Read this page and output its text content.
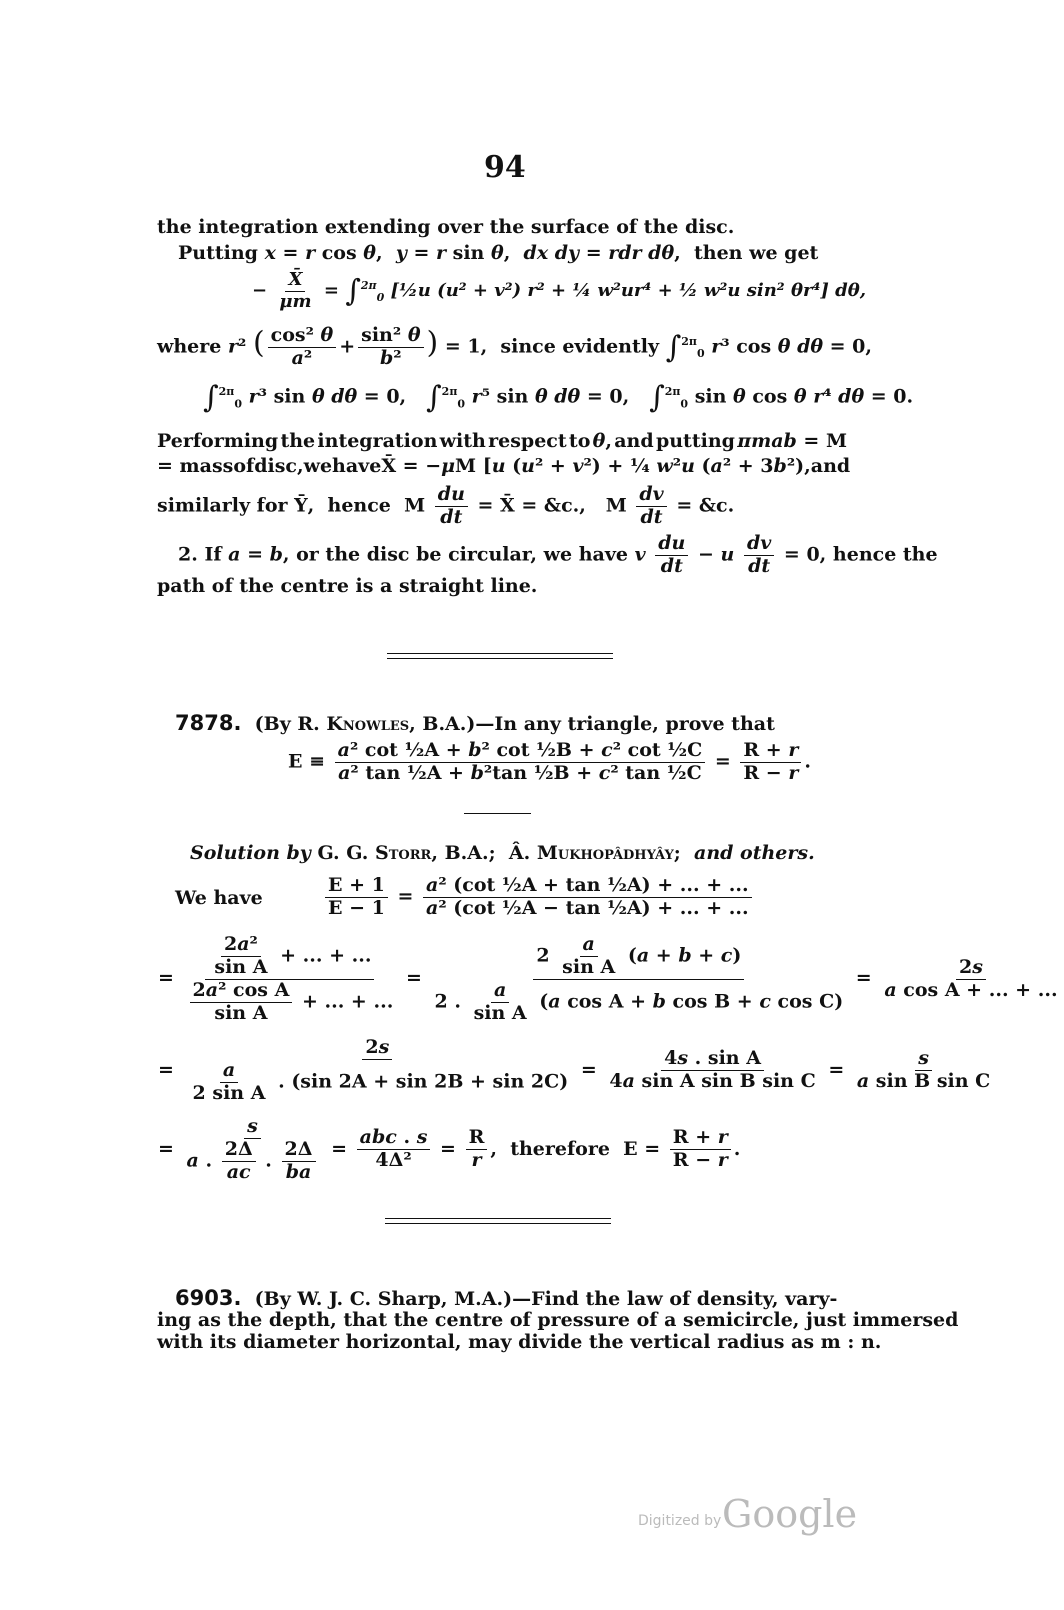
94
the integration extending over the surface of the disc.
Putting x = r cos θ,  y = r sin θ,  dx dy = rdr dθ,  then we get
− $\frac{X̄}{\mu m} = \int^{2\pi}_0$ [½u (u² + v²) r² + ¼ w²ur⁴ + ½ w²u sin² θr⁴] dθ,
where r² ( $\frac{\text{cos² θ}}{\text{a²}} + \frac{\text{sin² θ}}{\text{b²}}$ ) = 1,  since evidently ∫$^{2\pi}_0$ r³ cos θ dθ = 0,
∫$^{2\pi}_0$ r³ sin θ dθ = 0,   ∫$^{2\pi}_0$ r⁵ sin θ dθ = 0,   ∫$^{2\pi}_0$ sin θ cos θ r⁴ dθ = 0.
Performing the integration with respect to θ, and putting πmab = M
= mass of disc, we have X̄ = −μM [u (u² + v²) + ¼ w²u (a² + 3b²), and
similarly for Ȳ,  hence  M $\frac{du}{dt}$ = X̄ = &c.,   M $\frac{dv}{dt}$ = &c.
2. If a = b, or the disc be circular, we have v $\frac{du}{dt} - u \frac{dv}{dt} = 0$, hence the
path of the centre is a straight line.
7878.  (By R. Knowles, B.A.)—In any triangle, prove that
$E \equiv \frac{\text{a² cot ½A + b² cot ½B + c² cot ½C}}{\text{a² tan ½A + b²tan ½B + c² tan ½C}} = \frac{R + r}{R - r}$ .
Solution by G. G. Storr, B.A.;  Â. Mukhopâdhyây;  and others.
We have	$\frac{E + 1}{E - 1} = \frac{\text{a² (cot ½A + tan ½A) + ... + ...}}{\text{a² (cot ½A − tan ½A) + ... + ...}}$
= $\frac{\frac{\text{2a²}}{\text{sin A}} + ... + ...}{\frac{\text{2a² cos A}}{\text{sin A}} + ... + ...} = \frac{2 \frac{a}{\text{sin A}} (a + b + c)}{2 . \frac{a}{\text{sin A}} (a \cos A + b \cos B + c \cos C)} = \frac{2s}{\text{a cos A + ... + ...}}$
= $\frac{2s}{\frac{a}{\text{2 sin A}} . (\sin 2A + \sin 2B + \sin 2C)} = \frac{\text{4s . sin A}}{\text{4a sin A sin B sin C}} = \frac{s}{\text{a sin B sin C}}$
= $\frac{s}{a . \frac{2\Delta}{ac} . \frac{2\Delta}{ba}} = \frac{\text{abc . s}}{\text{4Δ²}} = \frac{R}{r}$ ,  therefore  $E = \frac{R + r}{R - r}$ .
6903. (By W. J. C. Sharp, M.A.)—Find the law of density, vary-
ing as the depth, that the centre of pressure of a semicircle, just immersed
with its diameter horizontal, may divide the vertical radius as m : n.
Digitized by Google
